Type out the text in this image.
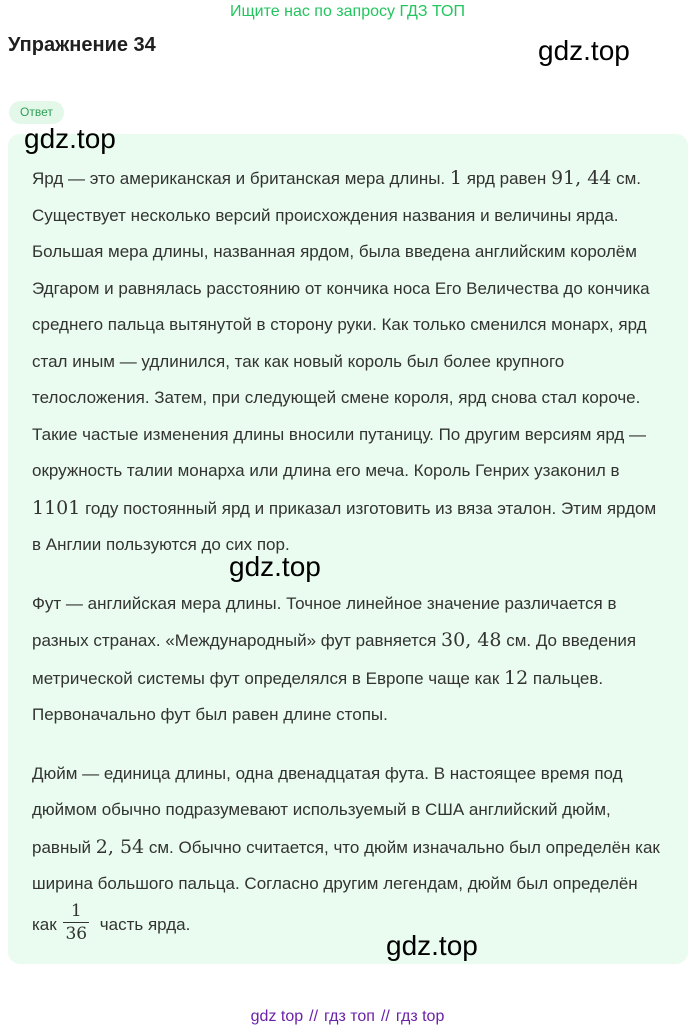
Ищите нас по запросу ГДЗ ТОП
Упражнение 34	gdz.top
Ответ

Ярд — это американская и британская мера длины. 1 ярд равен 91, 44 см. Существует несколько версий происхождения названия и величины ярда. Большая мера длины, названная ярдом, была введена английским королём Эдгаром и равнялась расстоянию от кончика носа Его Величества до кончика среднего пальца вытянутой в сторону руки. Как только сменился монарх, ярд стал иным — удлинился, так как новый король был более крупного телосложения. Затем, при следующей смене короля, ярд снова стал короче. Такие частые изменения длины вносили путаницу. По другим версиям ярд — окружность талии монарха или длина его меча. Король Генрих узаконил в 1101 году постоянный ярд и приказал изготовить из вяза эталон. Этим ярдом в Англии пользуются до сих пор.

Фут — английская мера длины. Точное линейное значение различается в разных странах. «Международный» фут равняется 30, 48 см. До введения метрической системы фут определялся в Европе чаще как 12 пальцев. Первоначально фут был равен длине стопы.

Дюйм — единица длины, одна двенадцатая фута. В настоящее время под дюймом обычно подразумевают используемый в США английский дюйм, равный 2, 54 см. Обычно считается, что дюйм изначально был определён как ширина большого пальца. Согласно другим легендам, дюйм был определён как $\frac{1}{36}$ часть ярда.

gdz.top
gdz.top
gdz.top
gdz top // гдз топ // гдз top
